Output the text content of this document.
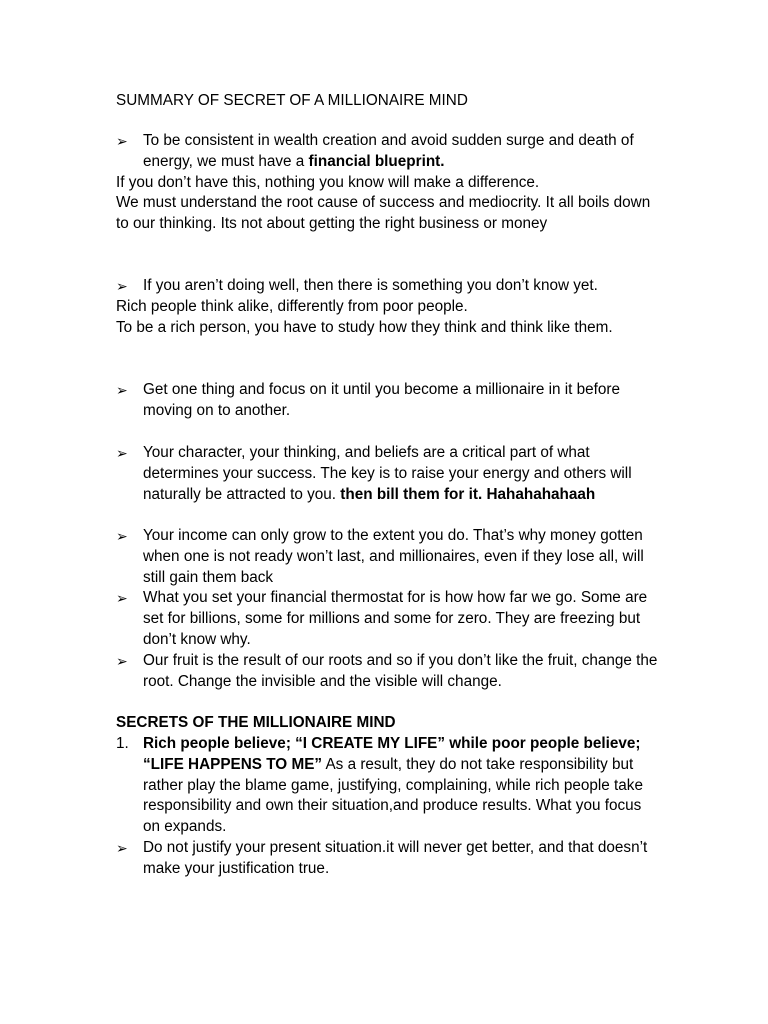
SUMMARY OF SECRET OF A MILLIONAIRE MIND

➢ To be consistent in wealth creation and avoid sudden surge and death of energy, we must have a financial blueprint.

If you don’t have this, nothing you know will make a difference.

We must understand the root cause of success and mediocrity. It all boils down to our thinking. Its not about getting the right business or money

➢ If you aren’t doing well, then there is something you don’t know yet.

Rich people think alike, differently from poor people.

To be a rich person, you have to study how they think and think like them.

➢ Get one thing and focus on it until you become a millionaire in it before moving on to another.
➢ Your character, your thinking, and beliefs are a critical part of what determines your success. The key is to raise your energy and others will naturally be attracted to you. then bill them for it. Hahahahahaah
➢ Your income can only grow to the extent you do. That’s why money gotten when one is not ready won’t last, and millionaires, even if they lose all, will still gain them back
➢ What you set your financial thermostat for is how how far we go. Some are set for billions, some for millions and some for zero. They are freezing but don’t know why.
➢ Our fruit is the result of our roots and so if you don’t like the fruit, change the root. Change the invisible and the visible will change.

SECRETS OF THE MILLIONAIRE MIND

1. Rich people believe; “I CREATE MY LIFE” while poor people believe; “LIFE HAPPENS TO ME” As a result, they do not take responsibility but rather play the blame game, justifying, complaining, while rich people take responsibility and own their situation,and produce results. What you focus on expands.
➢ Do not justify your present situation.it will never get better, and that doesn’t make your justification true.
